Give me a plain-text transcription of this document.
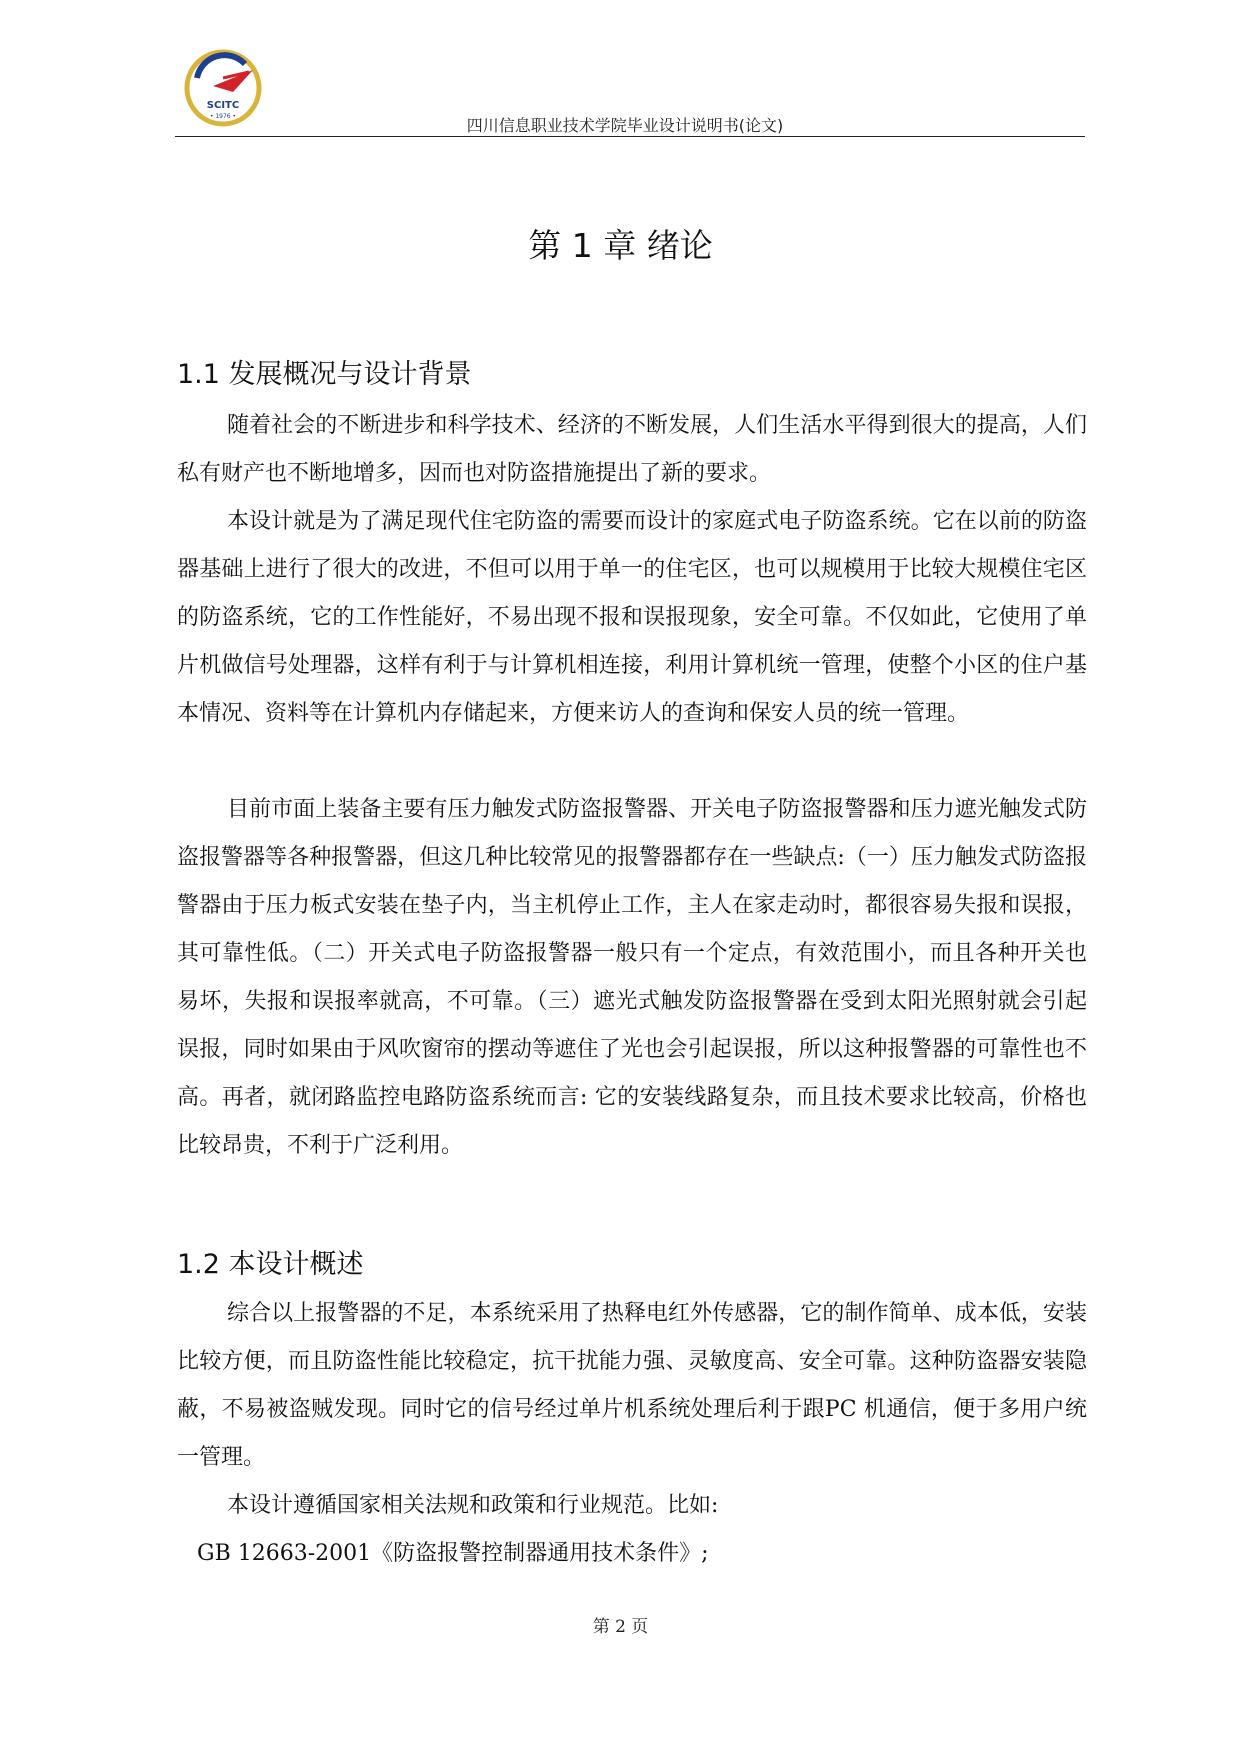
SCITC
• 1976 •	四川信息职业技术学院毕业设计说明书(论文)
第 1 章 绪论
1.1 发展概况与设计背景

随着社会的不断进步和科学技术、经济的不断发展，人们生活水平得到很大的提高，人们私有财产也不断地增多，因而也对防盗措施提出了新的要求。

本设计就是为了满足现代住宅防盗的需要而设计的家庭式电子防盗系统。它在以前的防盗器基础上进行了很大的改进，不但可以用于单一的住宅区，也可以规模用于比较大规模住宅区的防盗系统，它的工作性能好，不易出现不报和误报现象，安全可靠。不仅如此，它使用了单片机做信号处理器，这样有利于与计算机相连接，利用计算机统一管理，使整个小区的住户基本情况、资料等在计算机内存储起来，方便来访人的查询和保安人员的统一管理。

目前市面上装备主要有压力触发式防盗报警器、开关电子防盗报警器和压力遮光触发式防盗报警器等各种报警器，但这几种比较常见的报警器都存在一些缺点:（一）压力触发式防盗报警器由于压力板式安装在垫子内，当主机停止工作，主人在家走动时，都很容易失报和误报，其可靠性低。（二）开关式电子防盗报警器一般只有一个定点，有效范围小，而且各种开关也易坏，失报和误报率就高，不可靠。（三）遮光式触发防盗报警器在受到太阳光照射就会引起误报，同时如果由于风吹窗帘的摆动等遮住了光也会引起误报，所以这种报警器的可靠性也不高。再者，就闭路监控电路防盗系统而言: 它的安装线路复杂，而且技术要求比较高，价格也比较昂贵，不利于广泛利用。

1.2 本设计概述

综合以上报警器的不足，本系统采用了热释电红外传感器，它的制作简单、成本低，安装比较方便，而且防盗性能比较稳定，抗干扰能力强、灵敏度高、安全可靠。这种防盗器安装隐蔽，不易被盗贼发现。同时它的信号经过单片机系统处理后利于跟PC 机通信，便于多用户统一管理。

本设计遵循国家相关法规和政策和行业规范。比如:

GB 12663-2001《防盗报警控制器通用技术条件》;
第 2 页
